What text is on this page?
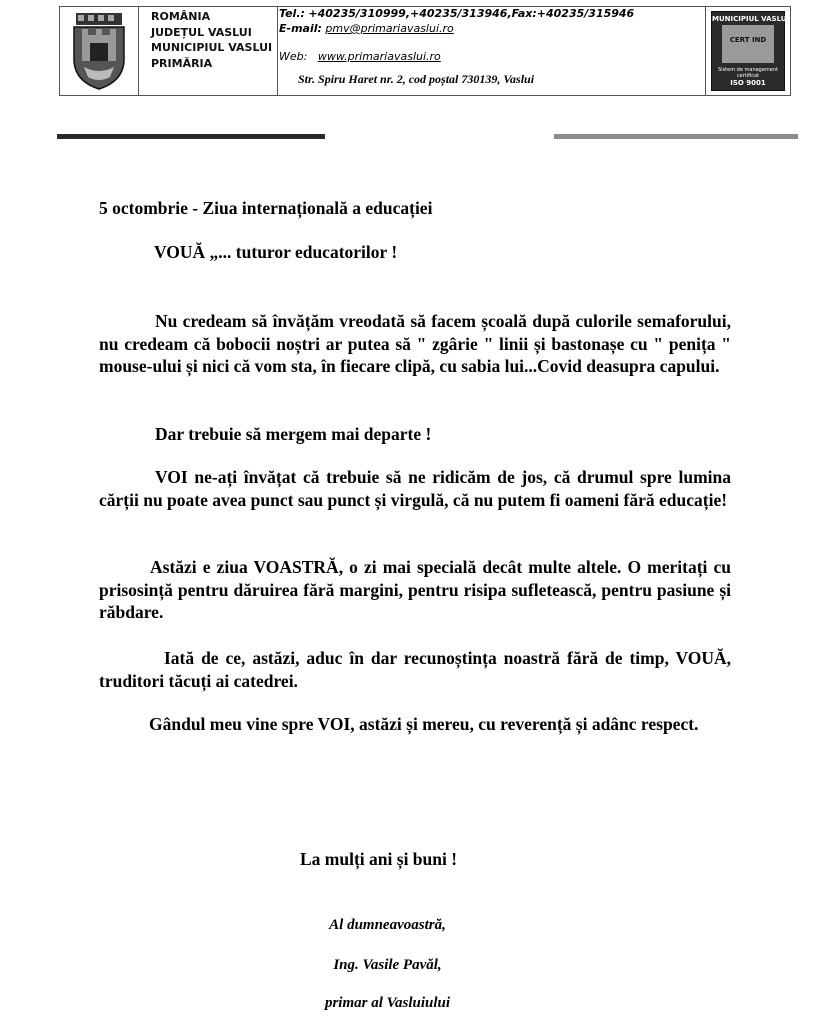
ROMÂNIA
JUDEȚUL VASLUI
MUNICIPIUL VASLUI
PRIMĂRIA
Tel.: +40235/310999,+40235/313946,Fax:+40235/315946
E-mail: pmv@primariavaslui.ro
Web: www.primariavaslui.ro
Str. Spiru Haret nr. 2, cod poștal 730139, Vaslui
MUNICIPIUL VASLUI
CERT IND
Sistem de management certificat
ISO 9001
5 octombrie - Ziua internațională a educației
VOUĂ „... tuturor educatorilor !
Nu credeam să învățăm vreodată să facem școală după culorile semaforului, nu credeam că bobocii noștri ar putea să " zgârie " linii și bastonașe cu " penița " mouse-ului și nici că vom sta, în fiecare clipă, cu sabia lui...Covid deasupra capului.
Dar trebuie să mergem mai departe !
VOI ne-ați învățat că trebuie să ne ridicăm de jos, că drumul spre lumina cărții nu poate avea punct sau punct și virgulă, că nu putem fi oameni fără educație!
Astăzi e ziua VOASTRĂ, o zi mai specială decât multe altele. O meritați cu prisosință pentru dăruirea fără margini, pentru risipa sufletească, pentru pasiune și răbdare.
Iată de ce, astăzi, aduc în dar recunoștința noastră fără de timp, VOUĂ, truditori tăcuți ai catedrei.
Gândul meu vine spre VOI, astăzi și mereu, cu reverență și adânc respect.
La mulți ani și buni !
Al dumneavoastră,
Ing. Vasile Pavăl,
primar al Vasluiului
